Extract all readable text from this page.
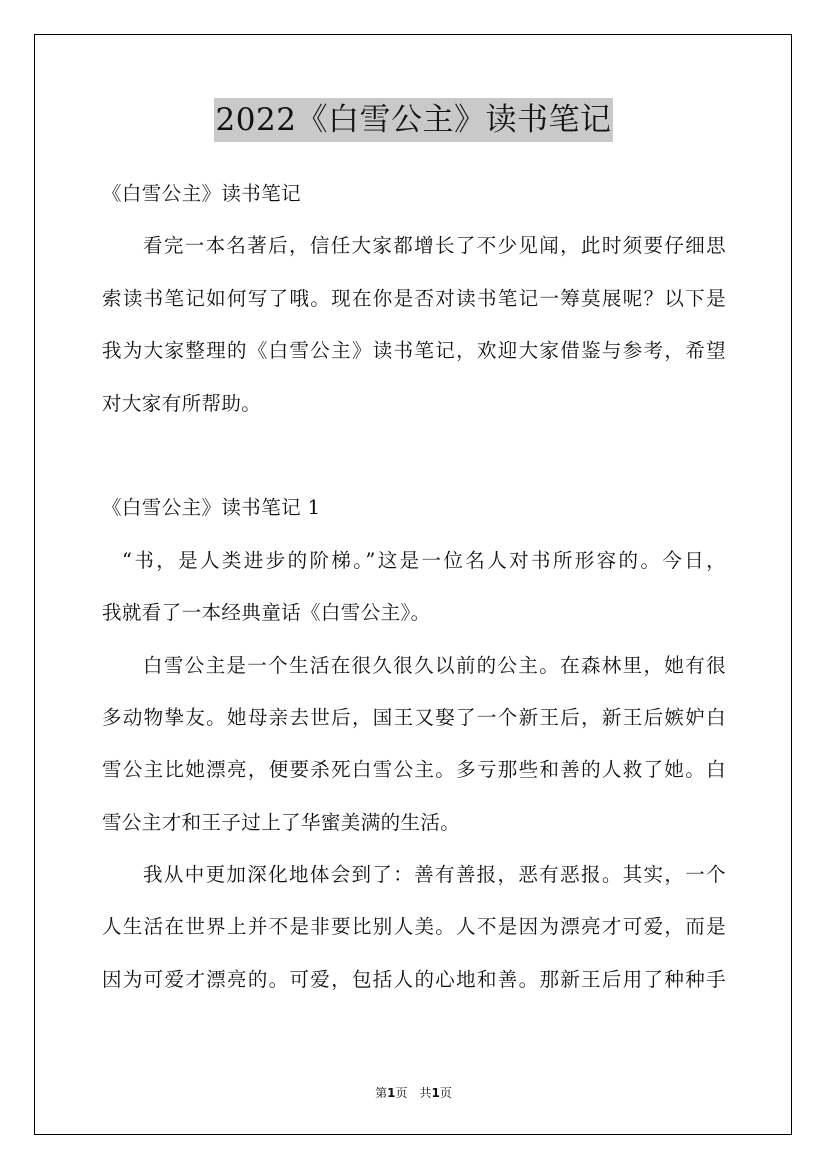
2022《白雪公主》读书笔记
《白雪公主》读书笔记
看完一本名著后，信任大家都增长了不少见闻，此时须要仔细思
索读书笔记如何写了哦。现在你是否对读书笔记一筹莫展呢？以下是
我为大家整理的《白雪公主》读书笔记，欢迎大家借鉴与参考，希望
对大家有所帮助。
《白雪公主》读书笔记 1
“书，是人类进步的阶梯。”这是一位名人对书所形容的。今日，
我就看了一本经典童话《白雪公主》。
白雪公主是一个生活在很久很久以前的公主。在森林里，她有很
多动物挚友。她母亲去世后，国王又娶了一个新王后，新王后嫉妒白
雪公主比她漂亮，便要杀死白雪公主。多亏那些和善的人救了她。白
雪公主才和王子过上了华蜜美满的生活。
我从中更加深化地体会到了：善有善报，恶有恶报。其实，一个
人生活在世界上并不是非要比别人美。人不是因为漂亮才可爱，而是
因为可爱才漂亮的。可爱，包括人的心地和善。那新王后用了种种手
第1页 共1页
